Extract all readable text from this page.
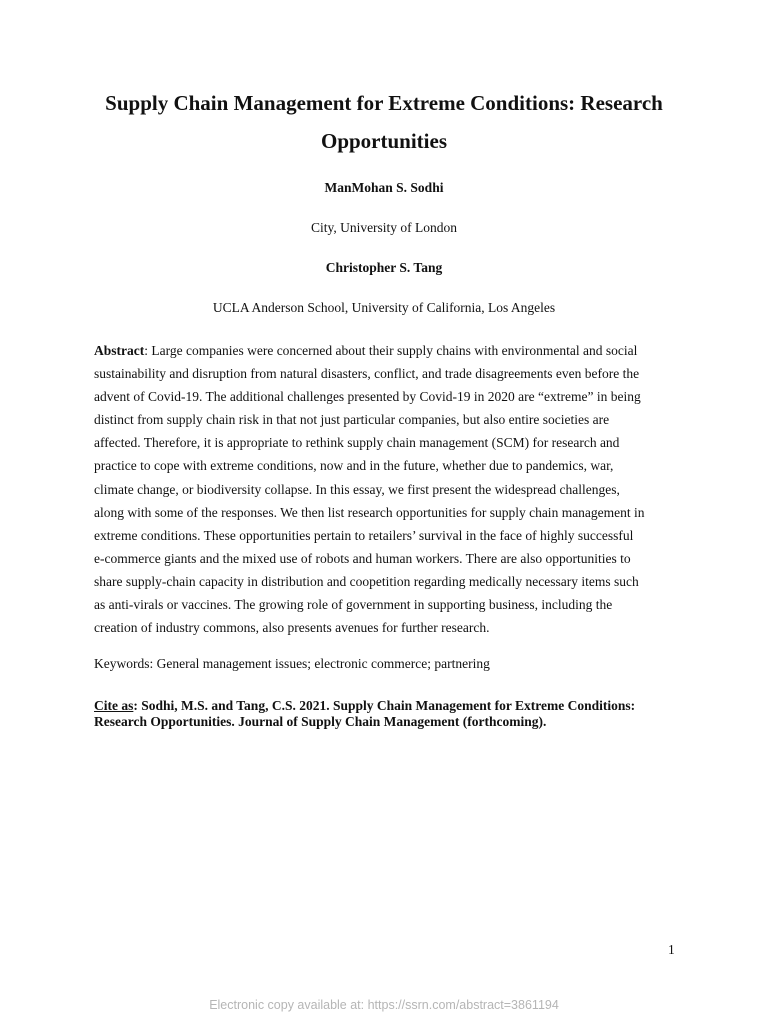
Supply Chain Management for Extreme Conditions: Research
Opportunities

ManMohan S. Sodhi

City, University of London

Christopher S. Tang

UCLA Anderson School, University of California, Los Angeles

Abstract: Large companies were concerned about their supply chains with environmental and social
sustainability and disruption from natural disasters, conflict, and trade disagreements even before the
advent of Covid-19. The additional challenges presented by Covid-19 in 2020 are “extreme” in being
distinct from supply chain risk in that not just particular companies, but also entire societies are
affected. Therefore, it is appropriate to rethink supply chain management (SCM) for research and
practice to cope with extreme conditions, now and in the future, whether due to pandemics, war,
climate change, or biodiversity collapse. In this essay, we first present the widespread challenges,
along with some of the responses. We then list research opportunities for supply chain management in
extreme conditions. These opportunities pertain to retailers’ survival in the face of highly successful
e-commerce giants and the mixed use of robots and human workers. There are also opportunities to
share supply-chain capacity in distribution and coopetition regarding medically necessary items such
as anti-virals or vaccines. The growing role of government in supporting business, including the
creation of industry commons, also presents avenues for further research.

Keywords: General management issues; electronic commerce; partnering

Cite as: Sodhi, M.S. and Tang, C.S. 2021. Supply Chain Management for Extreme Conditions:
Research Opportunities. Journal of Supply Chain Management (forthcoming).

1

Electronic copy available at: https://ssrn.com/abstract=3861194
